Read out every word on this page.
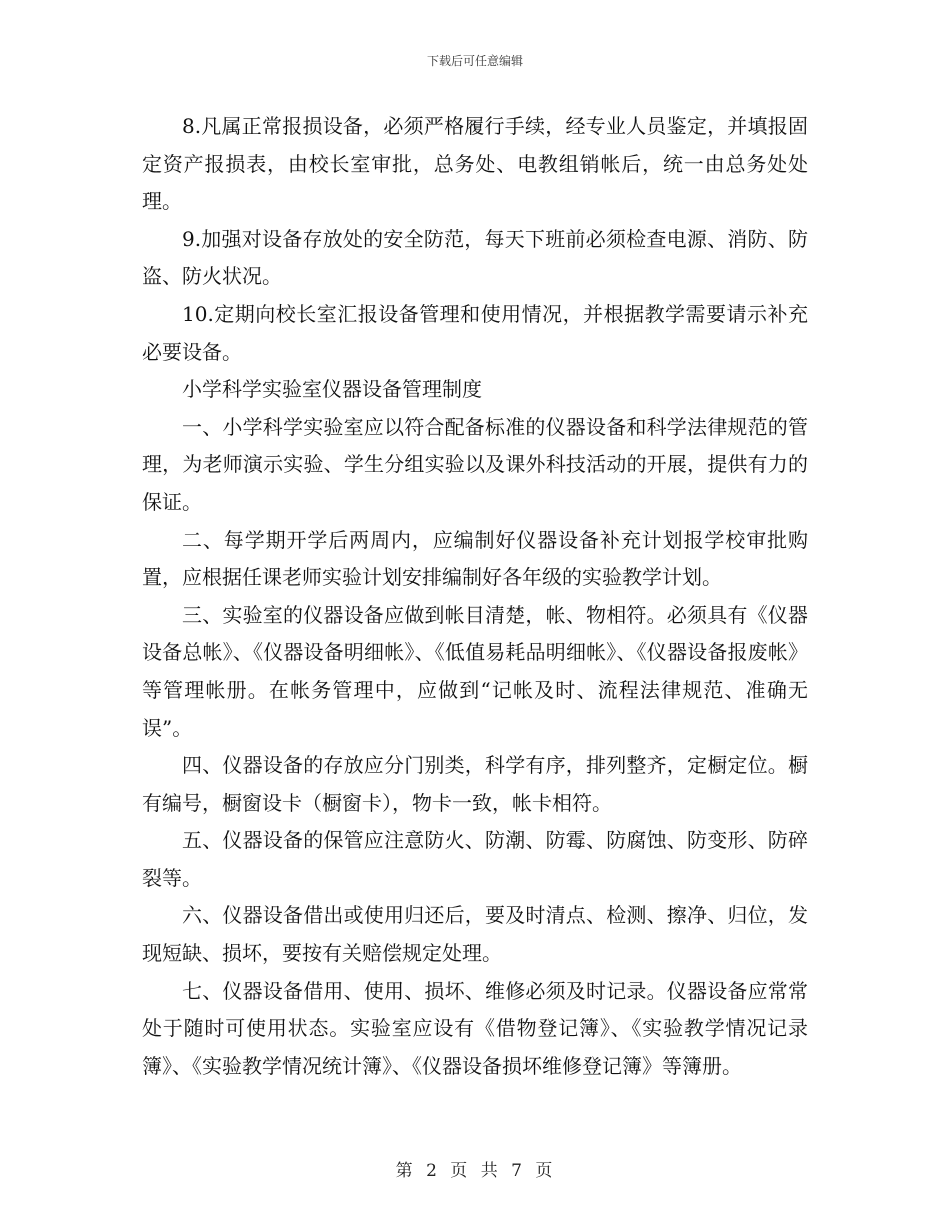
下载后可任意编辑

8.凡属正常报损设备，必须严格履行手续，经专业人员鉴定，并填报固定资产报损表，由校长室审批，总务处、电教组销帐后，统一由总务处处理。

9.加强对设备存放处的安全防范，每天下班前必须检查电源、消防、防盗、防火状况。

10.定期向校长室汇报设备管理和使用情况，并根据教学需要请示补充必要设备。

小学科学实验室仪器设备管理制度

一、小学科学实验室应以符合配备标准的仪器设备和科学法律规范的管理，为老师演示实验、学生分组实验以及课外科技活动的开展，提供有力的保证。

二、每学期开学后两周内，应编制好仪器设备补充计划报学校审批购置，应根据任课老师实验计划安排编制好各年级的实验教学计划。

三、实验室的仪器设备应做到帐目清楚，帐、物相符。必须具有《仪器设备总帐》、《仪器设备明细帐》、《低值易耗品明细帐》、《仪器设备报废帐》等管理帐册。在帐务管理中，应做到“记帐及时、流程法律规范、准确无误”。

四、仪器设备的存放应分门别类，科学有序，排列整齐，定橱定位。橱有编号，橱窗设卡（橱窗卡），物卡一致，帐卡相符。

五、仪器设备的保管应注意防火、防潮、防霉、防腐蚀、防变形、防碎裂等。

六、仪器设备借出或使用归还后，要及时清点、检测、擦净、归位，发现短缺、损坏，要按有关赔偿规定处理。

七、仪器设备借用、使用、损坏、维修必须及时记录。仪器设备应常常处于随时可使用状态。实验室应设有《借物登记簿》、《实验教学情况记录簿》、《实验教学情况统计簿》、《仪器设备损坏维修登记簿》等簿册。

第 2 页 共 7 页
